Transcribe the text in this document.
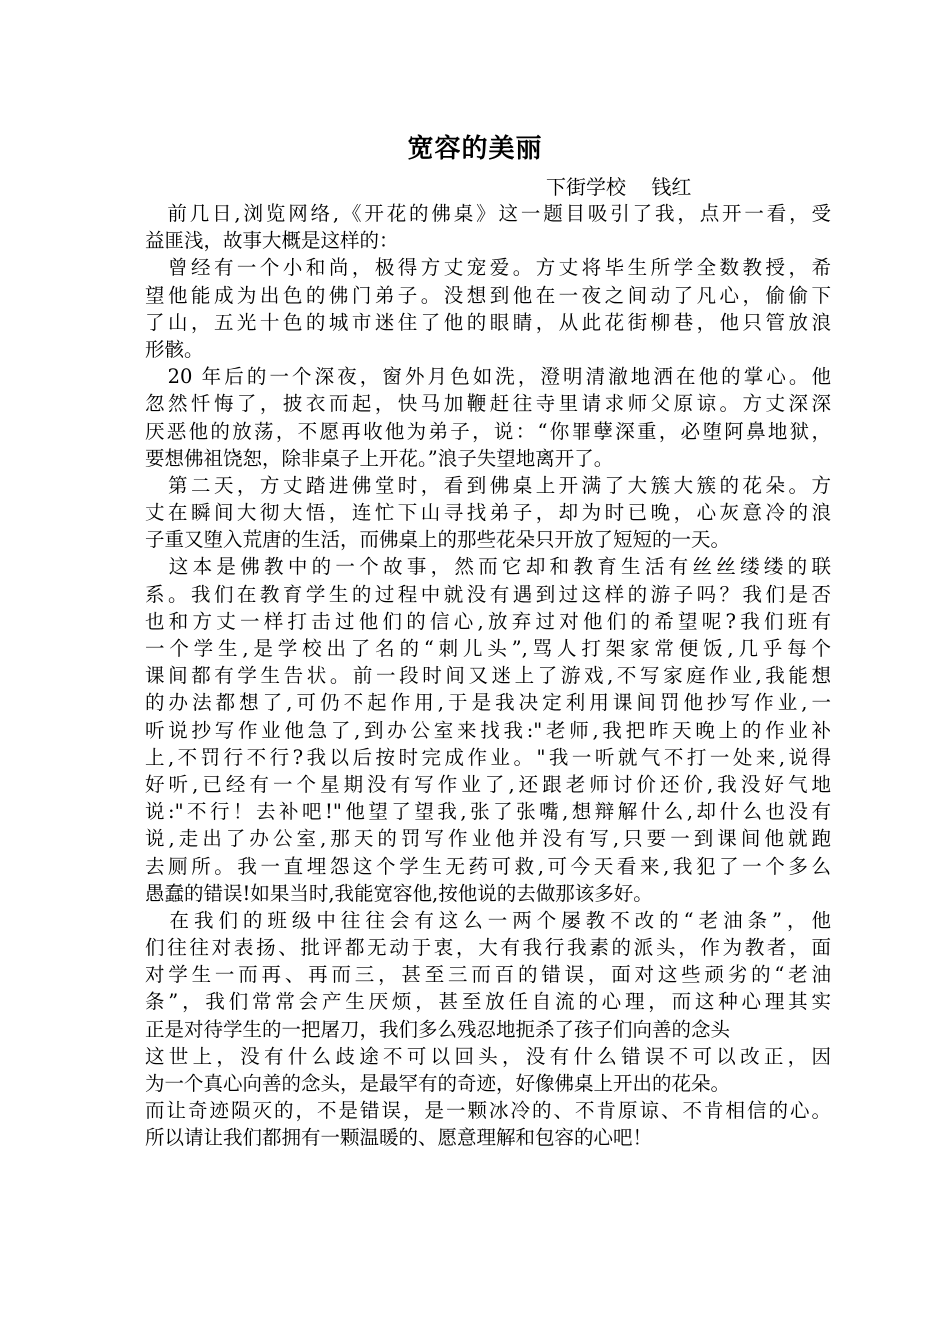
宽容的美丽
下街学校    钱红
　前几日,浏览网络,《开花的佛桌》这一题目吸引了我，点开一看，受
益匪浅，故事大概是这样的：
　曾经有一个小和尚，极得方丈宠爱。方丈将毕生所学全数教授，希
望他能成为出色的佛门弟子。没想到他在一夜之间动了凡心，偷偷下
了山，五光十色的城市迷住了他的眼睛，从此花街柳巷，他只管放浪
形骸。
　20 年后的一个深夜，窗外月色如洗，澄明清澈地洒在他的掌心。他
忽然忏悔了，披衣而起，快马加鞭赶往寺里请求师父原谅。方丈深深
厌恶他的放荡，不愿再收他为弟子，说：“你罪孽深重，必堕阿鼻地狱，
要想佛祖饶恕，除非桌子上开花。”浪子失望地离开了。
　第二天，方丈踏进佛堂时，看到佛桌上开满了大簇大簇的花朵。方
丈在瞬间大彻大悟，连忙下山寻找弟子，却为时已晚，心灰意冷的浪
子重又堕入荒唐的生活，而佛桌上的那些花朵只开放了短短的一天。
　这本是佛教中的一个故事，然而它却和教育生活有丝丝缕缕的联
系。我们在教育学生的过程中就没有遇到过这样的游子吗？我们是否
也和方丈一样打击过他们的信心,放弃过对他们的希望呢?我们班有
一个学生,是学校出了名的“刺儿头”,骂人打架家常便饭,几乎每个
课间都有学生告状。前一段时间又迷上了游戏,不写家庭作业,我能想
的办法都想了,可仍不起作用,于是我决定利用课间罚他抄写作业,一
听说抄写作业他急了,到办公室来找我:"老师,我把昨天晚上的作业补
上,不罚行不行?我以后按时完成作业。"我一听就气不打一处来,说得
好听,已经有一个星期没有写作业了,还跟老师讨价还价,我没好气地
说:"不行！去补吧!"他望了望我,张了张嘴,想辩解什么,却什么也没有
说,走出了办公室,那天的罚写作业他并没有写,只要一到课间他就跑
去厕所。我一直埋怨这个学生无药可救,可今天看来,我犯了一个多么
愚蠢的错误!如果当时,我能宽容他,按他说的去做那该多好。
　在我们的班级中往往会有这么一两个屡教不改的“老油条”，他
们往往对表扬、批评都无动于衷，大有我行我素的派头，作为教者，面
对学生一而再、再而三，甚至三而百的错误，面对这些顽劣的“老油
条”，我们常常会产生厌烦，甚至放任自流的心理，而这种心理其实
正是对待学生的一把屠刀，我们多么残忍地扼杀了孩子们向善的念头
这世上，没有什么歧途不可以回头，没有什么错误不可以改正，因
为一个真心向善的念头，是最罕有的奇迹，好像佛桌上开出的花朵。
而让奇迹陨灭的，不是错误，是一颗冰冷的、不肯原谅、不肯相信的心。
所以请让我们都拥有一颗温暖的、愿意理解和包容的心吧！
